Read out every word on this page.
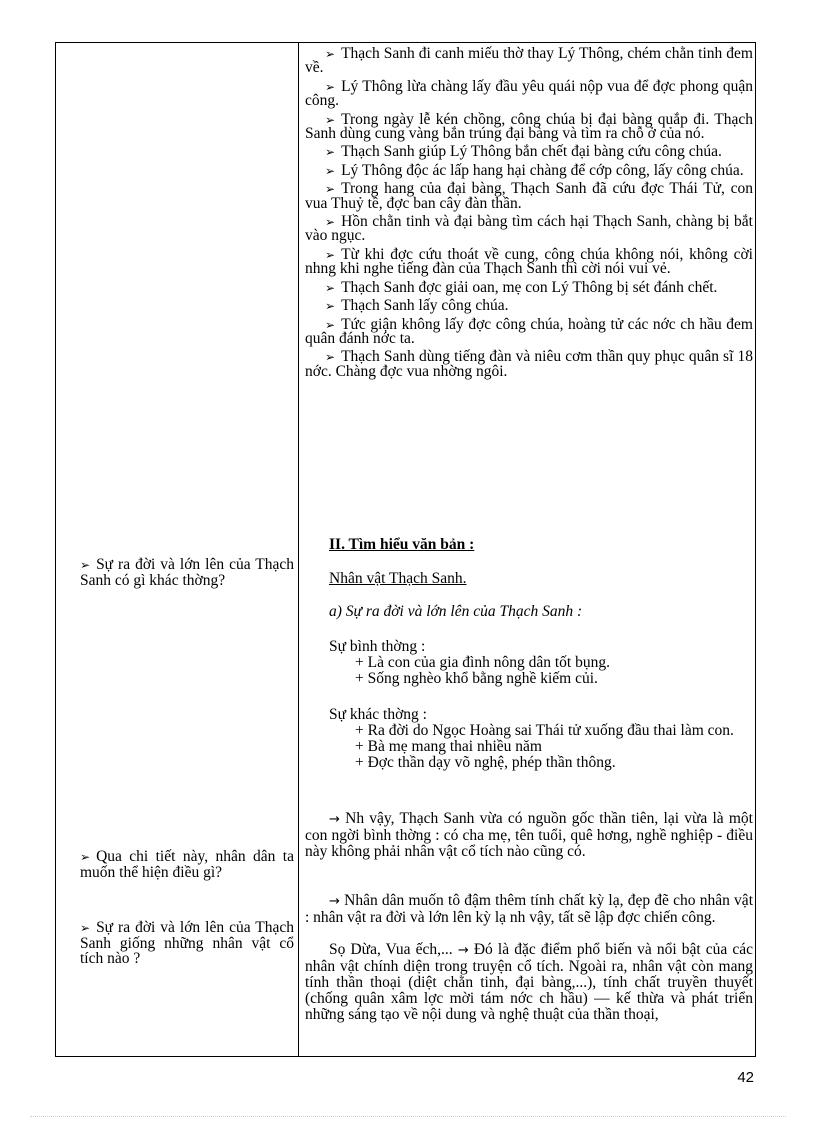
➢ Sự ra đời và lớn lên của Thạch Sanh có gì khác thờng?
➢ Qua chi tiết này, nhân dân ta muốn thể hiện điều gì?
➢ Sự ra đời và lớn lên của Thạch Sanh giống những nhân vật cổ tích nào ?

➢ Thạch Sanh đi canh miếu thờ thay Lý Thông, chém chằn tinh đem về.

➢ Lý Thông lừa chàng lấy đầu yêu quái nộp vua để đợc phong quận công.

➢ Trong ngày lễ kén chồng, công chúa bị đại bàng quắp đi. Thạch Sanh dùng cung vàng bắn trúng đại bàng và tìm ra chỗ ở của nó.

➢ Thạch Sanh giúp Lý Thông bắn chết đại bàng cứu công chúa.

➢ Lý Thông độc ác lấp hang hại chàng để cớp công, lấy công chúa.

➢ Trong hang của đại bàng, Thạch Sanh đã cứu đợc Thái Tử, con vua Thuỷ tề, đợc ban cây đàn thần.

➢ Hồn chằn tinh và đại bàng tìm cách hại Thạch Sanh, chàng bị bắt vào ngục.

➢ Từ khi đợc cứu thoát về cung, công chúa không nói, không cời nhng khi nghe tiếng đàn của Thạch Sanh thì cời nói vui vẻ.

➢ Thạch Sanh đợc giải oan, mẹ con Lý Thông bị sét đánh chết.

➢ Thạch Sanh lấy công chúa.

➢ Tức giận không lấy đợc công chúa, hoàng tử các nớc ch hầu đem quân đánh nớc ta.

➢ Thạch Sanh dùng tiếng đàn và niêu cơm thần quy phục quân sĩ 18 nớc. Chàng đợc vua nhờng ngôi.

II. Tìm hiểu văn bản :
Nhân vật Thạch Sanh.
a) Sự ra đời và lớn lên của Thạch Sanh :
Sự bình thờng :
+ Là con của gia đình nông dân tốt bụng.
+ Sống nghèo khổ bằng nghề kiếm củi.
Sự khác thờng :
+ Ra đời do Ngọc Hoàng sai Thái tử xuống đầu thai làm con.
+ Bà mẹ mang thai nhiều năm
+ Đợc thần dạy võ nghệ, phép thần thông.
→ Nh vậy, Thạch Sanh vừa có nguồn gốc thần tiên, lại vừa là một con ngời bình thờng : có cha mẹ, tên tuổi, quê hơng, nghề nghiệp - điều này không phải nhân vật cổ tích nào cũng có.
→ Nhân dân muốn tô đậm thêm tính chất kỳ lạ, đẹp đẽ cho nhân vật : nhân vật ra đời và lớn lên kỳ lạ nh vậy, tất sẽ lập đợc chiến công.
Sọ Dừa, Vua ếch,... → Đó là đặc điểm phổ biến và nổi bật của các nhân vật chính diện trong truyện cổ tích. Ngoài ra, nhân vật còn mang tính thần thoại (diệt chằn tinh, đại bàng,...), tính chất truyền thuyết (chống quân xâm lợc mời tám nớc ch hầu) — kế thừa và phát triển những sáng tạo về nội dung và nghệ thuật của thần thoại,
42
